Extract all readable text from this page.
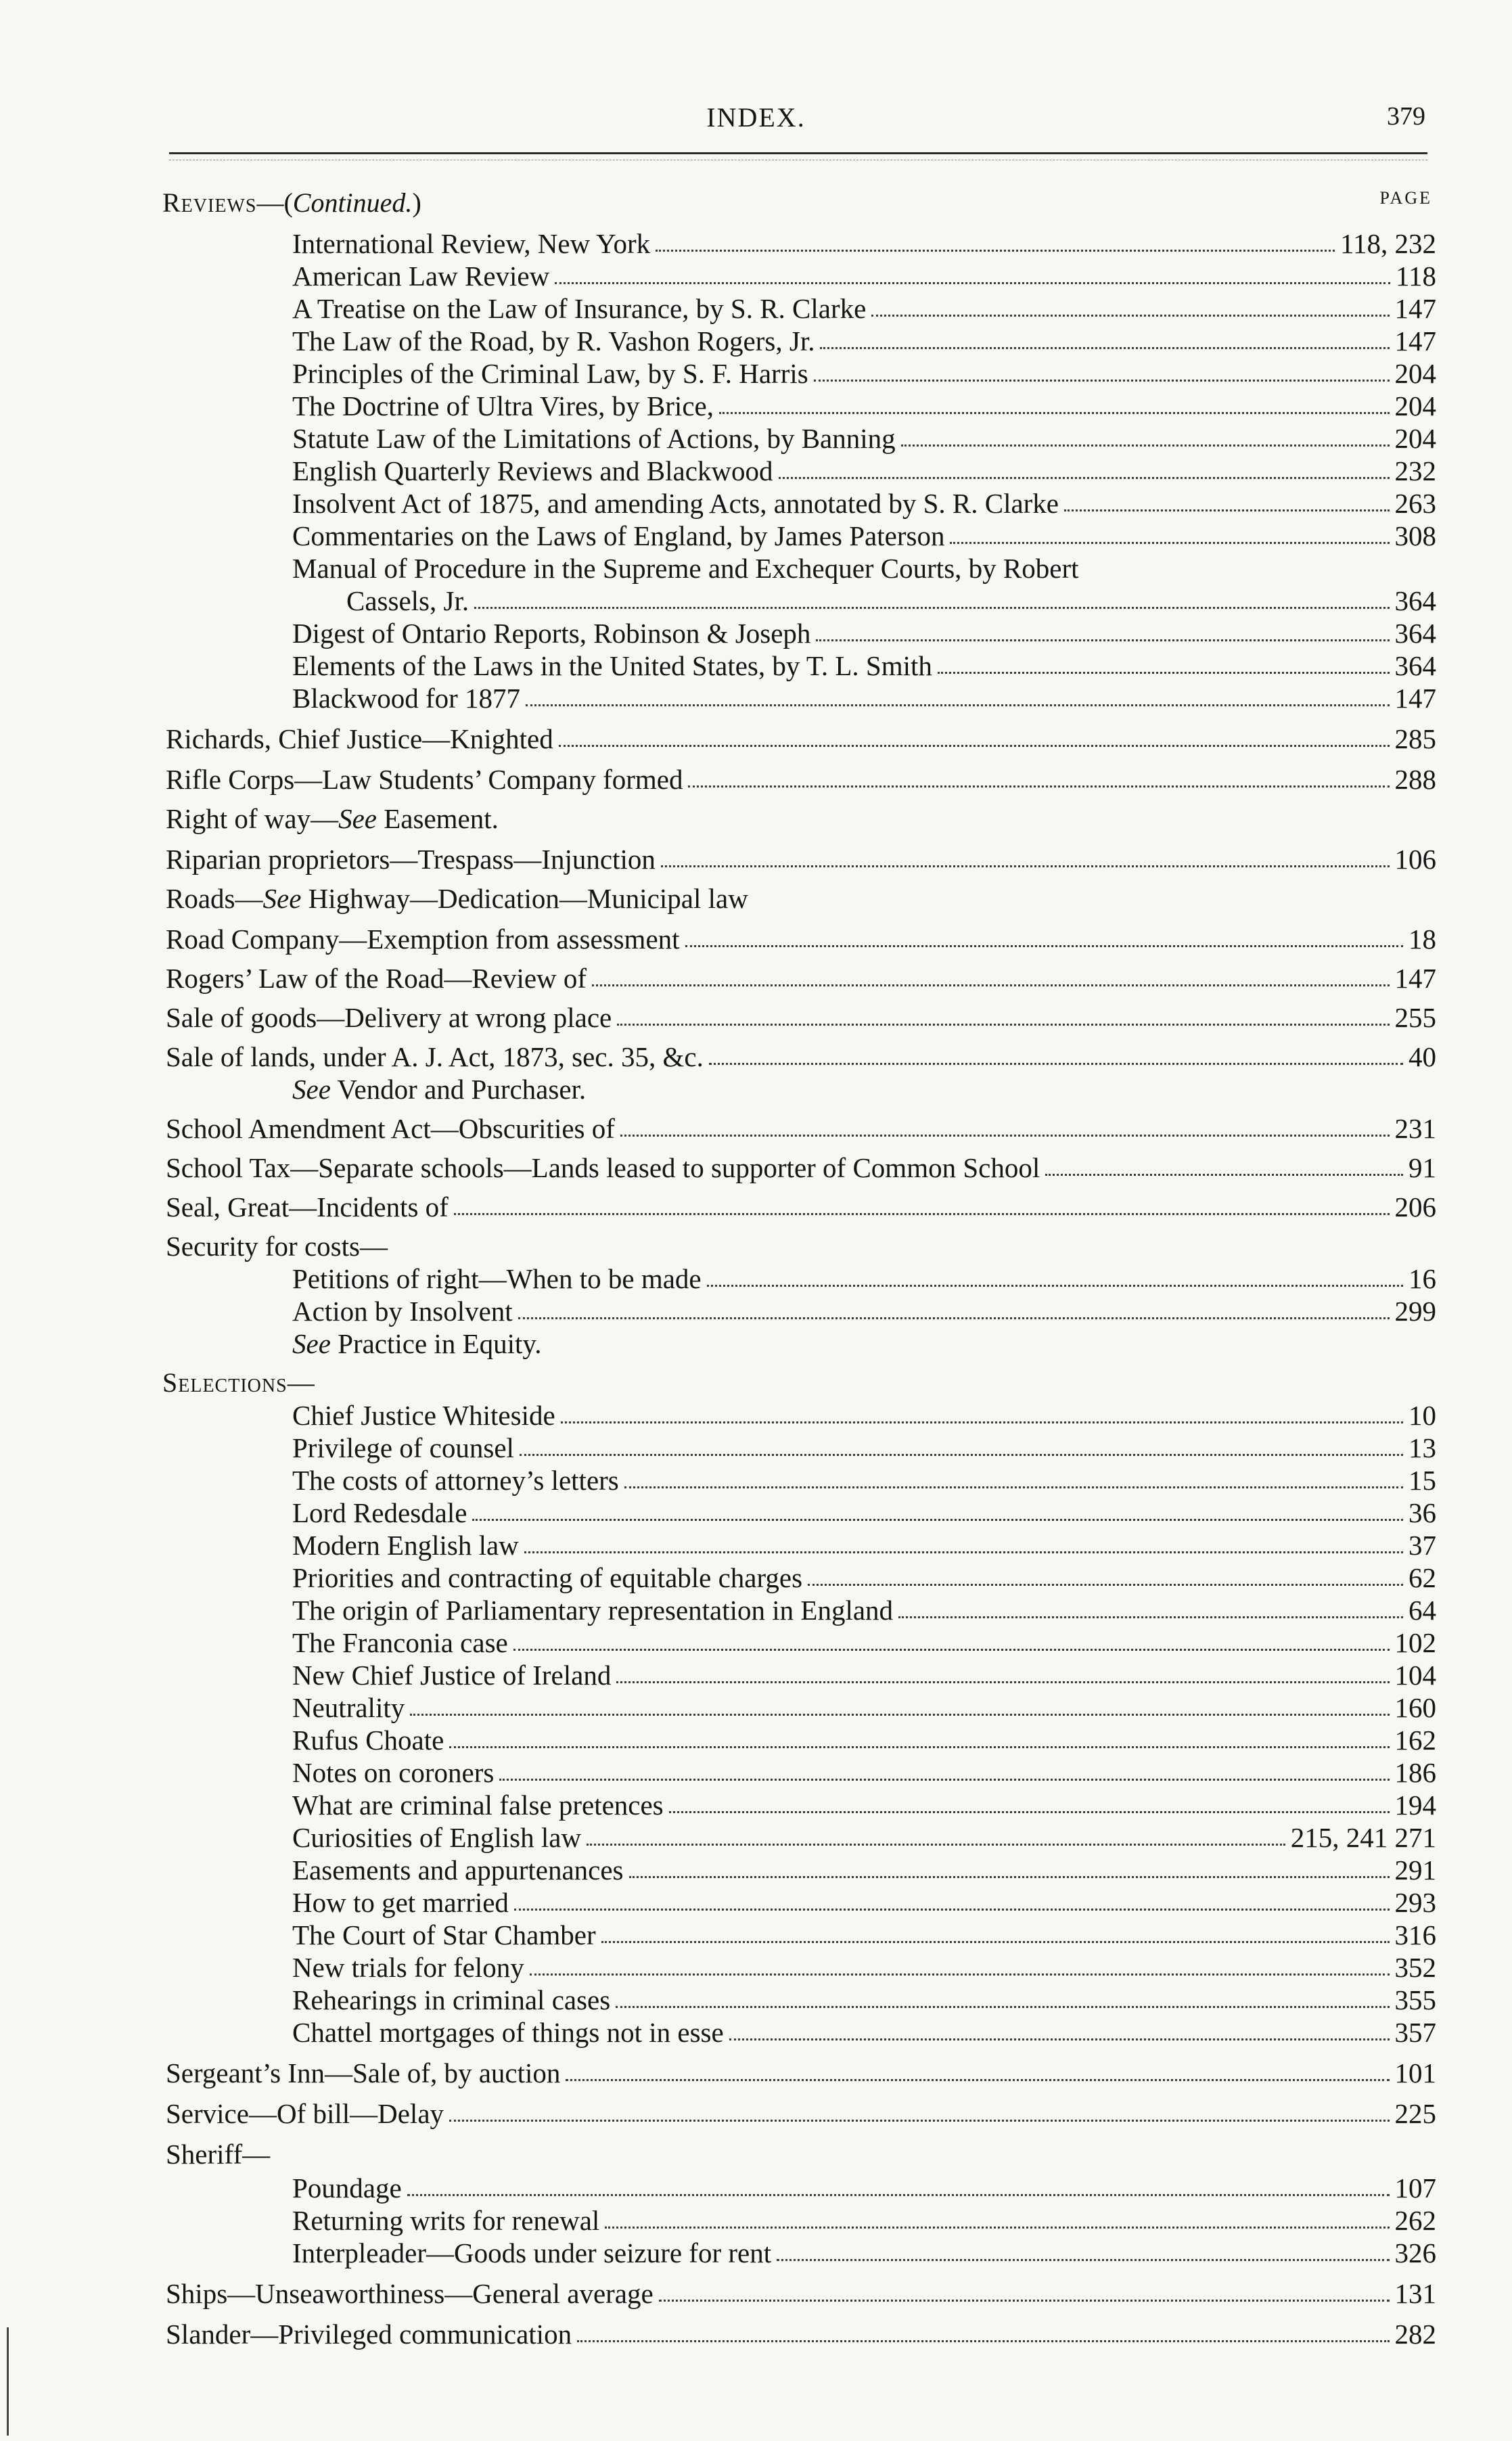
INDEX.	379
PAGE
Reviews—(Continued.)
International Review, New York	118, 232
American Law Review	118
A Treatise on the Law of Insurance, by S. R. Clarke	147
The Law of the Road, by R. Vashon Rogers, Jr.	147
Principles of the Criminal Law, by S. F. Harris	204
The Doctrine of Ultra Vires, by Brice,	204
Statute Law of the Limitations of Actions, by Banning	204
English Quarterly Reviews and Blackwood	232
Insolvent Act of 1875, and amending Acts, annotated by S. R. Clarke	263
Commentaries on the Laws of England, by James Paterson	308
Manual of Procedure in the Supreme and Exchequer Courts, by Robert
Cassels, Jr.	364
Digest of Ontario Reports, Robinson & Joseph	364
Elements of the Laws in the United States, by T. L. Smith	364
Blackwood for 1877	147
Richards, Chief Justice—Knighted	285
Rifle Corps—Law Students’ Company formed	288
Right of way—See Easement.
Riparian proprietors—Trespass—Injunction	106
Roads—See Highway—Dedication—Municipal law
Road Company—Exemption from assessment	18
Rogers’ Law of the Road—Review of	147
Sale of goods—Delivery at wrong place	255
Sale of lands, under A. J. Act, 1873, sec. 35, &c.	40
See Vendor and Purchaser.
School Amendment Act—Obscurities of	231
School Tax—Separate schools—Lands leased to supporter of Common School	91
Seal, Great—Incidents of	206
Security for costs—
Petitions of right—When to be made	16
Action by Insolvent	299
See Practice in Equity.
Selections—
Chief Justice Whiteside	10
Privilege of counsel	13
The costs of attorney’s letters	15
Lord Redesdale	36
Modern English law	37
Priorities and contracting of equitable charges	62
The origin of Parliamentary representation in England	64
The Franconia case	102
New Chief Justice of Ireland	104
Neutrality	160
Rufus Choate	162
Notes on coroners	186
What are criminal false pretences	194
Curiosities of English law	215, 241 271
Easements and appurtenances	291
How to get married	293
The Court of Star Chamber	316
New trials for felony	352
Rehearings in criminal cases	355
Chattel mortgages of things not in esse	357
Sergeant’s Inn—Sale of, by auction	101
Service—Of bill—Delay	225
Sheriff—
Poundage	107
Returning writs for renewal	262
Interpleader—Goods under seizure for rent	326
Ships—Unseaworthiness—General average	131
Slander—Privileged communication	282
